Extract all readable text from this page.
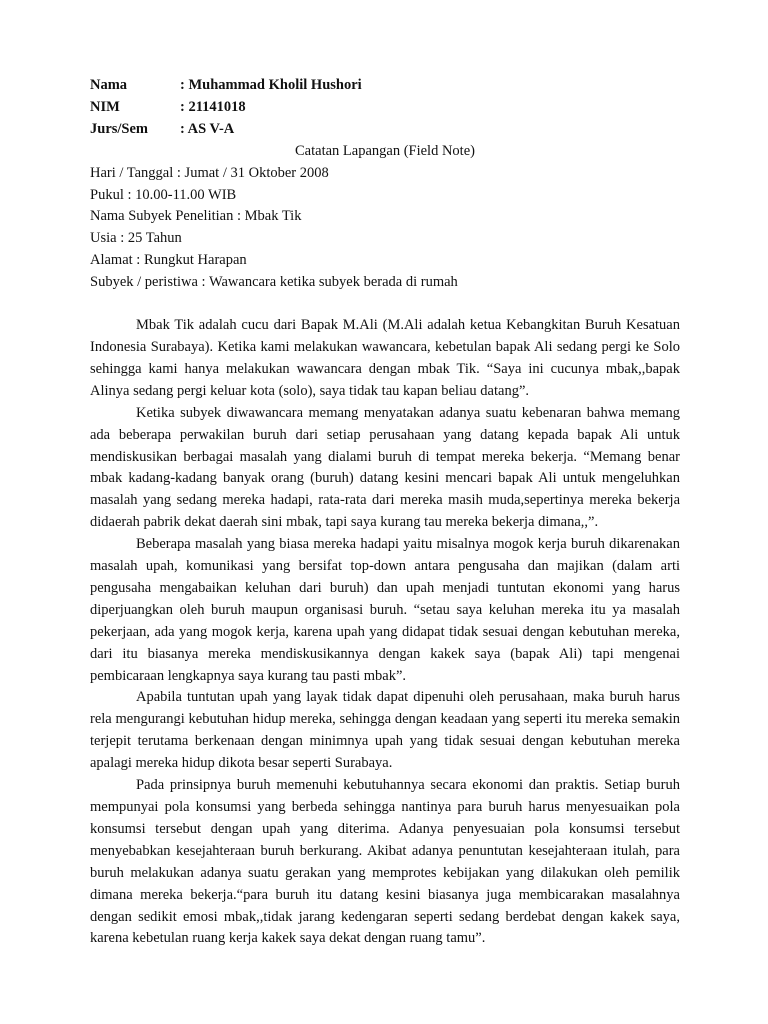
Nama	: Muhammad Kholil Hushori
NIM	: 21141018
Jurs/Sem	: AS V-A
Catatan Lapangan (Field Note)
Hari / Tanggal : Jumat / 31 Oktober 2008
Pukul : 10.00-11.00 WIB
Nama Subyek Penelitian : Mbak Tik
Usia : 25 Tahun
Alamat : Rungkut Harapan
Subyek / peristiwa : Wawancara ketika subyek berada di rumah

Mbak Tik adalah cucu dari Bapak M.Ali (M.Ali adalah ketua Kebangkitan Buruh Kesatuan Indonesia Surabaya). Ketika kami melakukan wawancara, kebetulan bapak Ali sedang pergi ke Solo sehingga kami hanya melakukan wawancara dengan mbak Tik. “Saya ini cucunya mbak,,bapak Alinya sedang pergi keluar kota (solo), saya tidak tau kapan beliau datang”.

Ketika subyek diwawancara memang menyatakan adanya suatu kebenaran bahwa memang ada beberapa perwakilan buruh dari setiap perusahaan yang datang kepada bapak Ali untuk mendiskusikan berbagai masalah yang dialami buruh di tempat mereka bekerja. “Memang benar mbak kadang-kadang banyak orang (buruh) datang kesini mencari bapak Ali untuk mengeluhkan masalah yang sedang mereka hadapi, rata-rata dari mereka masih muda,sepertinya mereka bekerja didaerah pabrik dekat daerah sini mbak, tapi saya kurang tau mereka bekerja dimana,,”.

Beberapa masalah yang biasa mereka hadapi yaitu misalnya mogok kerja buruh dikarenakan masalah upah, komunikasi yang bersifat top-down antara pengusaha dan majikan (dalam arti pengusaha mengabaikan keluhan dari buruh) dan upah menjadi tuntutan ekonomi yang harus diperjuangkan oleh buruh maupun organisasi buruh. “setau saya keluhan mereka itu ya masalah pekerjaan, ada yang mogok kerja, karena upah yang didapat tidak sesuai dengan kebutuhan mereka, dari itu biasanya mereka mendiskusikannya dengan kakek saya (bapak Ali) tapi mengenai pembicaraan lengkapnya saya kurang tau pasti mbak”.

Apabila tuntutan upah yang layak tidak dapat dipenuhi oleh perusahaan, maka buruh harus rela mengurangi kebutuhan hidup mereka, sehingga dengan keadaan yang seperti itu mereka semakin terjepit terutama berkenaan dengan minimnya upah yang tidak sesuai dengan kebutuhan mereka apalagi mereka hidup dikota besar seperti Surabaya.

Pada prinsipnya buruh memenuhi kebutuhannya secara ekonomi dan praktis. Setiap buruh mempunyai pola konsumsi yang berbeda sehingga nantinya para buruh harus menyesuaikan pola konsumsi tersebut dengan upah yang diterima. Adanya penyesuaian pola konsumsi tersebut menyebabkan kesejahteraan buruh berkurang. Akibat adanya penuntutan kesejahteraan itulah, para buruh melakukan adanya suatu gerakan yang memprotes kebijakan yang dilakukan oleh pemilik dimana mereka bekerja.“para buruh itu datang kesini biasanya juga membicarakan masalahnya dengan sedikit emosi mbak,,tidak jarang kedengaran seperti sedang berdebat dengan kakek saya, karena kebetulan ruang kerja kakek saya dekat dengan ruang tamu”.
